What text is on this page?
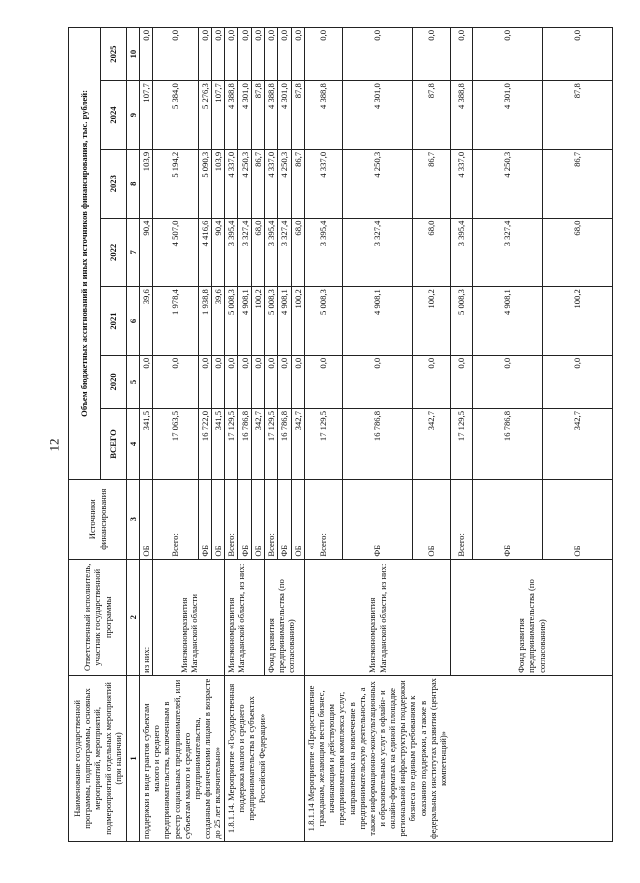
12
Наименование государственной программы, подпрограммы, основных мероприятий, мероприятий, подмероприятий отдельных мероприятий (при наличии)	Ответственный исполнитель, участник государственной программы	Источники финансирования	Объем бюджетных ассигнований и иных источников финансирования, тыс. рублей:						
			ВСЕГО	2020	2021	2022	2023	2024	2025
1	2	3	4	5	6	7	8	9	10
поддержки в виде грантов субъектам малого и среднего предпринимательства, включенным в реестр социальных предпринимателей, или субъектам малого и среднего предпринимательства, созданным физическими лицами в возрасте до 25 лет включительно»	из них:	ОБ	341,5	0,0	39,6	90,4	103,9	107,7	0,0
	Минэкономразвития Магаданской области	Всего:	17 063,5	0,0	1 978,4	4 507,0	5 194,2	5 384,0	0,0
		ФБ	16 722,0	0,0	1 938,8	4 416,6	5 090,3	5 276,3	0,0
		ОБ	341,5	0,0	39,6	90,4	103,9	107,7	0,0
1.8.1.14. Мероприятие «Государственная поддержка малого и среднего предпринимательства в субъектах Российской Федерации»	Минэкономразвития Магаданской области, из них:	Всего:	17 129,5	0,0	5 008,3	3 395,4	4 337,0	4 388,8	0,0
		ФБ	16 786,8	0,0	4 908,1	3 327,4	4 250,3	4 301,0	0,0
		ОБ	342,7	0,0	100,2	68,0	86,7	87,8	0,0
	Фонд развития предпринимательства (по согласованию)	Всего:	17 129,5	0,0	5 008,3	3 395,4	4 337,0	4 388,8	0,0
		ФБ	16 786,8	0,0	4 908,1	3 327,4	4 250,3	4 301,0	0,0
		ОБ	342,7	0,0	100,2	68,0	86,7	87,8	0,0
1.8.1.14 Мероприятие «Предоставление гражданам, желающим вести бизнес, начинающим и действующим предпринимателям комплекса услуг, направленных на вовлечение в предпринимательскую деятельность, а также информационно-консультационных и образовательных услуг в офлайн- и онлайн-форматах на единой площадке региональной инфраструктуры поддержки бизнеса по единым требованиям к оказанию поддержки, а также в федеральных институтах развития (центрах компетенций)»	Минэкономразвития Магаданской области, из них:	Всего:	17 129,5	0,0	5 008,3	3 395,4	4 337,0	4 388,8	0,0
		ФБ	16 786,8	0,0	4 908,1	3 327,4	4 250,3	4 301,0	0,0
		ОБ	342,7	0,0	100,2	68,0	86,7	87,8	0,0
	Фонд развития предпринимательства (по согласованию)	Всего:	17 129,5	0,0	5 008,3	3 395,4	4 337,0	4 388,8	0,0
		ФБ	16 786,8	0,0	4 908,1	3 327,4	4 250,3	4 301,0	0,0
		ОБ	342,7	0,0	100,2	68,0	86,7	87,8	0,0
